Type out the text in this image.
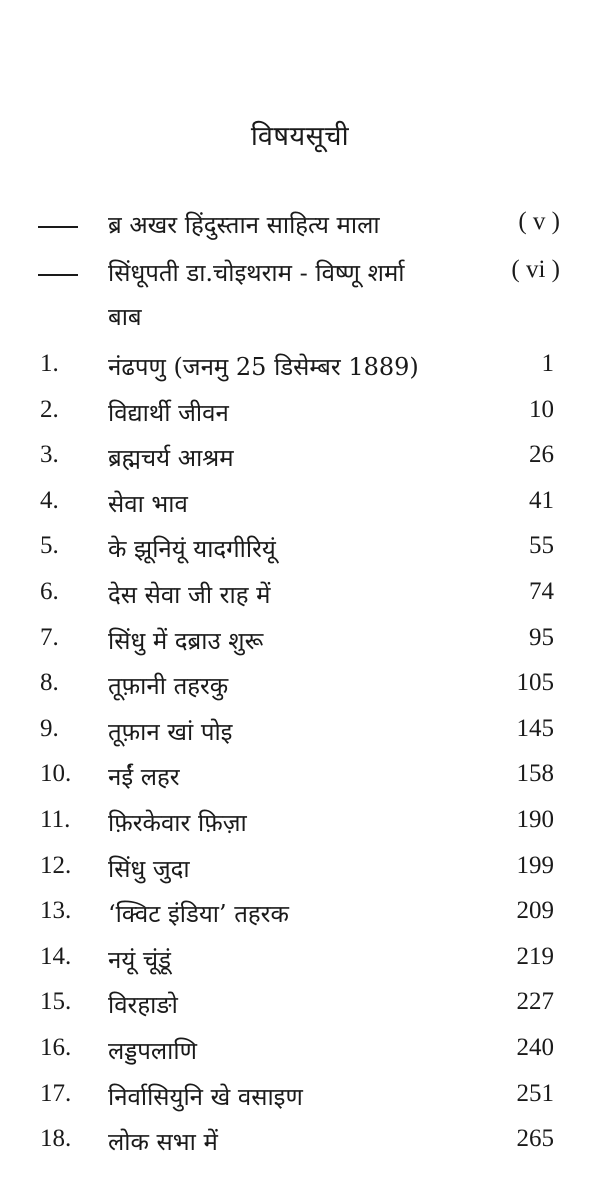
विषयसूची
ब्र अखर हिंदुस्तान साहित्य माला	( v )
सिंधूपती डा.चोइथराम - विष्णू शर्मा	( vi )
बाब
1. नंढपणु (जनमु 25 डिसेम्बर 1889)	1
2. विद्यार्थी जीवन	10
3. ब्रह्मचर्य आश्रम	26
4. सेवा भाव	41
5. के झूनियूं यादगीरियूं	55
6. देस सेवा जी राह में	74
7. सिंधु में दब्राउ शुरू	95
8. तूफ़ानी तहरकु	105
9. तूफ़ान खां पोइ	145
10. नईं लहर	158
11. फ़िरकेवार फ़िज़ा	190
12. सिंधु जुदा	199
13. ‘क्विट इंडिया’ तहरक	209
14. नयूं चूंडूं	219
15. विरहाङो	227
16. लड्डपलाणि	240
17. निर्वासियुनि खे वसाइण	251
18. लोक सभा में	265
